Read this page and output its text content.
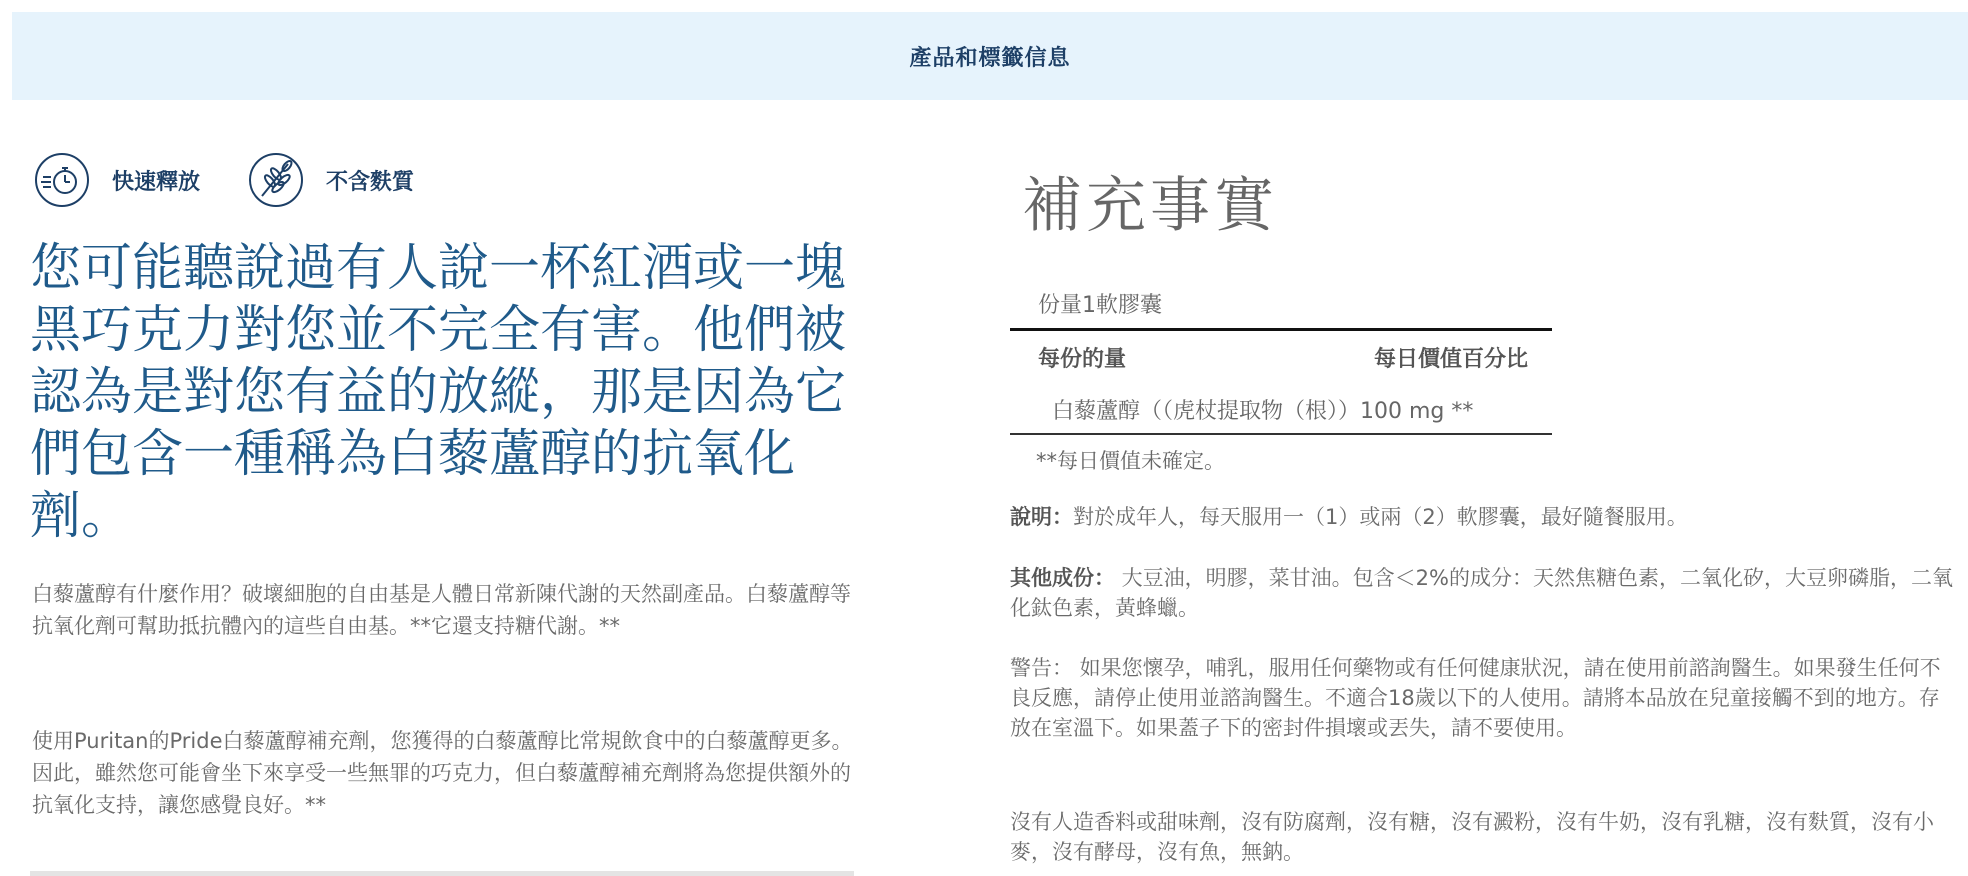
產品和標籤信息
快速釋放	不含麩質
您可能聽說過有人說一杯紅酒或一塊黑巧克力對您並不完全有害。他們被認為是對您有益的放縱，那是因為它們包含一種稱為白藜蘆醇的抗氧化劑。

白藜蘆醇有什麼作用？破壞細胞的自由基是人體日常新陳代謝的天然副產品。白藜蘆醇等抗氧化劑可幫助抵抗體內的這些自由基。**它還支持糖代謝。**

使用Puritan的Pride白藜蘆醇補充劑，您獲得的白藜蘆醇比常規飲食中的白藜蘆醇更多。因此，雖然您可能會坐下來享受一些無罪的巧克力，但白藜蘆醇補充劑將為您提供額外的抗氧化支持，讓您感覺良好。**

補充事實
份量1軟膠囊
每份的量	每日價值百分比
白藜蘆醇（（虎杖提取物（根））100 mg **
**每日價值未確定。

說明：對於成年人，每天服用一（1）或兩（2）軟膠囊，最好隨餐服用。

其他成份： 大豆油，明膠，菜甘油。包含＜2%的成分：天然焦糖色素，二氧化矽，大豆卵磷脂，二氧化鈦色素，黃蜂蠟。

警告： 如果您懷孕，哺乳，服用任何藥物或有任何健康狀況，請在使用前諮詢醫生。如果發生任何不良反應，請停止使用並諮詢醫生。不適合18歲以下的人使用。請將本品放在兒童接觸不到的地方。存放在室溫下。如果蓋子下的密封件損壞或丟失，請不要使用。

沒有人造香料或甜味劑，沒有防腐劑，沒有糖，沒有澱粉，沒有牛奶，沒有乳糖，沒有麩質，沒有小麥，沒有酵母，沒有魚，無鈉。
